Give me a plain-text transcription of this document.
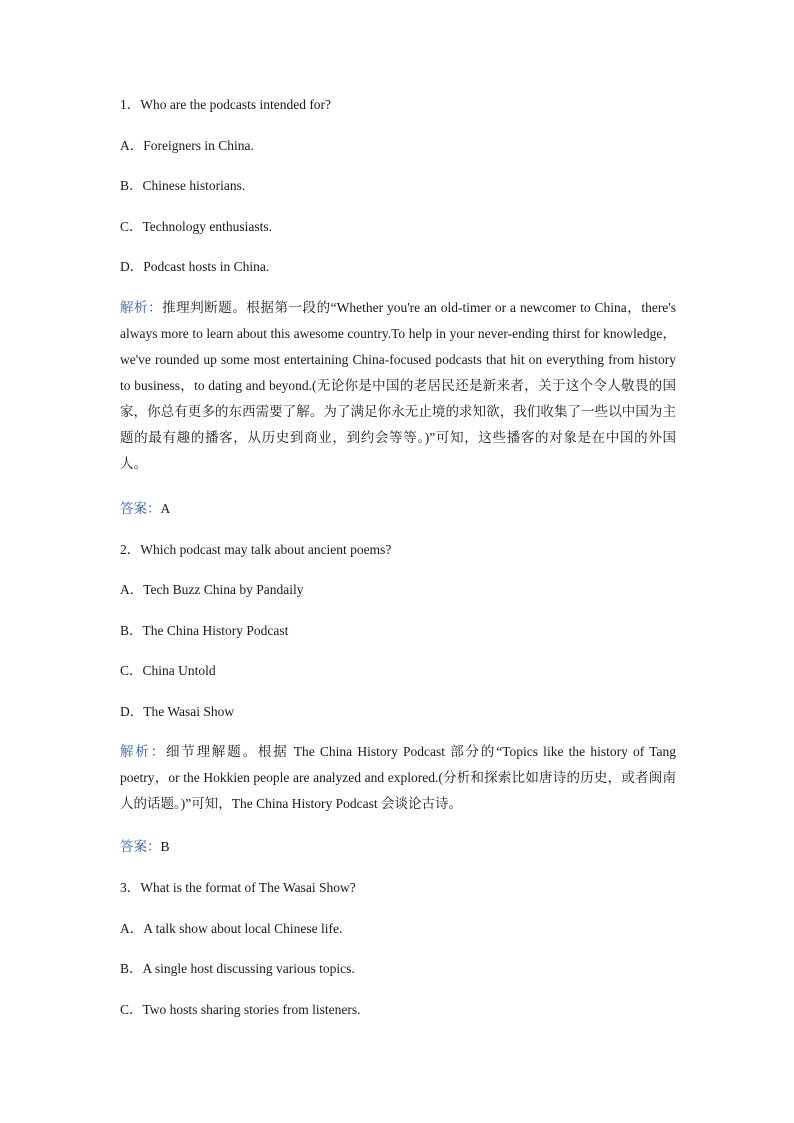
1．Who are the podcasts intended for?
A．Foreigners in China.
B．Chinese historians.
C．Technology enthusiasts.
D．Podcast hosts in China.
解析：推理判断题。根据第一段的“Whether you're an old-timer or a newcomer to China，there's always more to learn about this awesome country.To help in your never-ending thirst for knowledge， we've rounded up some most entertaining China-focused podcasts that hit on everything from history to business，to dating and beyond.(无论你是中国的老居民还是新来者，关于这个令人敬畏的国家，你总有更多的东西需要了解。为了满足你永无止境的求知欲，我们收集了一些以中国为主题的最有趣的播客，从历史到商业，到约会等等。)”可知，这些播客的对象是在中国的外国人。
答案：A
2．Which podcast may talk about ancient poems?
A．Tech Buzz China by Pandaily
B．The China History Podcast
C．China Untold
D．The Wasai Show
解析：细节理解题。根据 The China History Podcast 部分的“Topics like the history of Tang poetry，or the Hokkien people are analyzed and explored.(分析和探索比如唐诗的历史，或者闽南人的话题。)”可知，The China History Podcast 会谈论古诗。
答案：B
3．What is the format of The Wasai Show?
A．A talk show about local Chinese life.
B．A single host discussing various topics.
C．Two hosts sharing stories from listeners.
